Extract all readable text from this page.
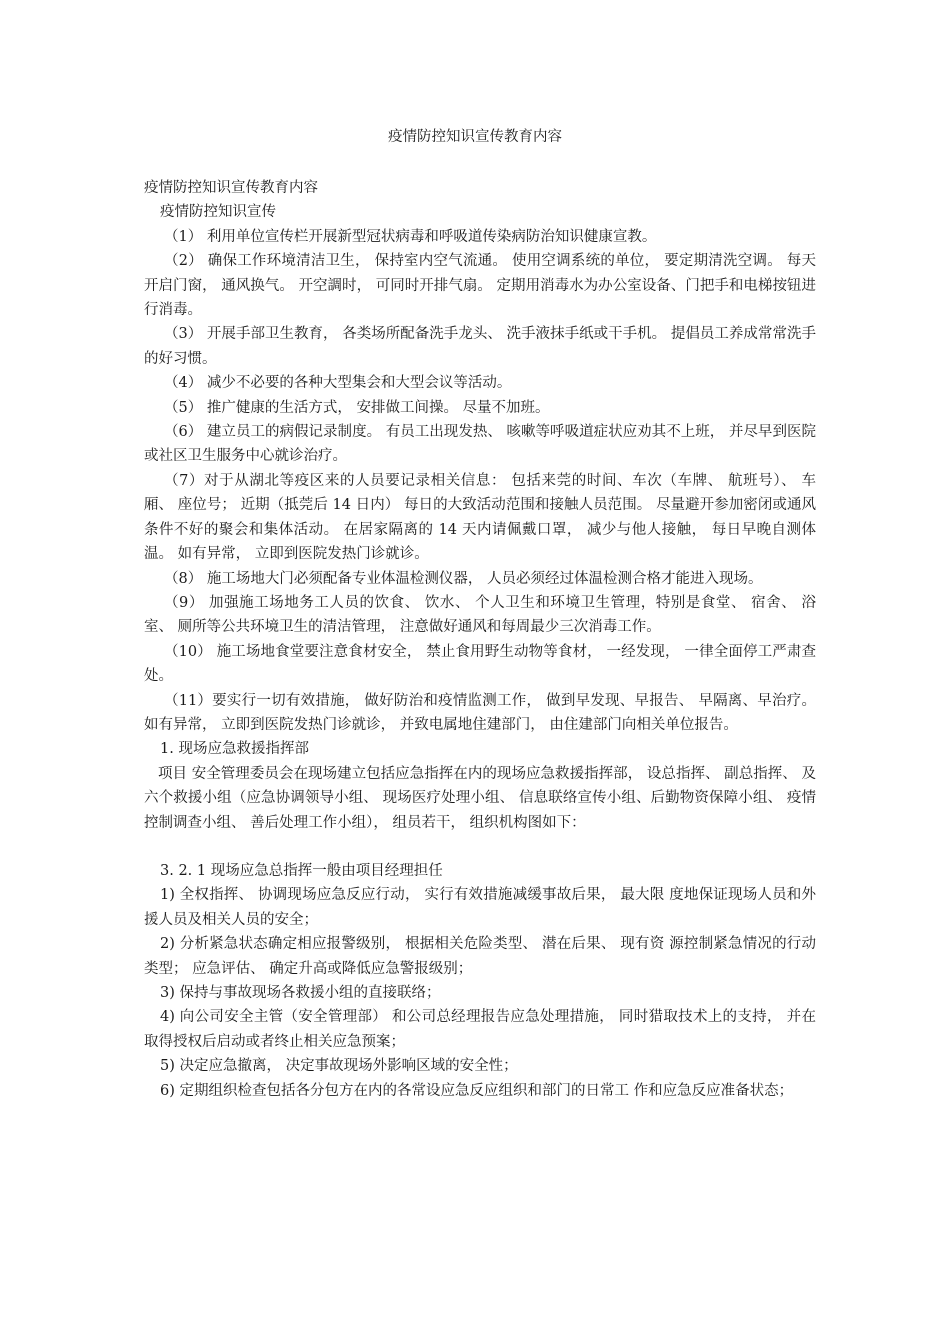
疫情防控知识宣传教育内容

疫情防控知识宣传教育内容

疫情防控知识宣传

（1） 利用单位宣传栏开展新型冠状病毒和呼吸道传染病防治知识健康宣教。

（2） 确保工作环境清洁卫生， 保持室内空气流通。 使用空调系统的单位， 要定期清洗空调。 每天开启门窗， 通风换气。 开空調时， 可同时开排气扇。 定期用消毒水为办公室设备、门把手和电梯按钮进行消毒。

（3） 开展手部卫生教育， 各类场所配备洗手龙头、 洗手液抹手纸或干手机。 提倡员工养成常常洗手的好习惯。

（4） 减少不必要的各种大型集会和大型会议等活动。

（5） 推广健康的生活方式， 安排做工间操。 尽量不加班。

（6） 建立员工的病假记录制度。 有员工出现发热、 咳嗽等呼吸道症状应劝其不上班， 并尽早到医院或社区卫生服务中心就诊治疗。

（7）对于从湖北等疫区来的人员要记录相关信息： 包括来莞的时间、车次（车牌、 航班号）、 车厢、 座位号； 近期（抵莞后 14 日内） 每日的大致活动范围和接触人员范围。 尽量避开参加密闭或通风条件不好的聚会和集体活动。 在居家隔离的 14 天内请佩戴口罩， 减少与他人接触， 每日早晚自测体温。 如有异常， 立即到医院发热门诊就诊。

（8） 施工场地大门必须配备专业体温检测仪器， 人员必须经过体温检测合格才能进入现场。

（9） 加强施工场地务工人员的饮食、 饮水、 个人卫生和环境卫生管理，特别是食堂、 宿舍、 浴室、 厕所等公共环境卫生的清洁管理， 注意做好通风和每周最少三次消毒工作。

（10） 施工场地食堂要注意食材安全， 禁止食用野生动物等食材， 一经发现， 一律全面停工严肃查处。

（11）要实行一切有效措施， 做好防治和疫情监测工作， 做到早发现、早报告、 早隔离、早治疗。 如有异常， 立即到医院发热门诊就诊， 并致电属地住建部门， 由住建部门向相关单位报告。

1. 现场应急救援指挥部

项目 安全管理委员会在现场建立包括应急指挥在内的现场应急救援指挥部， 设总指挥、 副总指挥、 及六个救援小组（应急协调领导小组、 现场医疗处理小组、 信息联络宣传小组、后勤物资保障小组、 疫情控制调查小组、 善后处理工作小组）， 组员若干， 组织机构图如下：

3. 2. 1 现场应急总指挥一般由项目经理担任

1) 全权指挥、 协调现场应急反应行动， 实行有效措施减缓事故后果， 最大限 度地保证现场人员和外援人员及相关人员的安全；

2) 分析紧急状态确定相应报警级别， 根据相关危险类型、 潜在后果、 现有资 源控制紧急情况的行动类型； 应急评估、 确定升高或降低应急警报级别；

3) 保持与事故现场各救援小组的直接联络；

4) 向公司安全主管（安全管理部） 和公司总经理报告应急处理措施， 同时猎取技术上的支持， 并在取得授权后启动或者终止相关应急预案；

5) 决定应急撤离， 决定事故现场外影响区域的安全性；

6) 定期组织检查包括各分包方在内的各常设应急反应组织和部门的日常工 作和应急反应准备状态；
